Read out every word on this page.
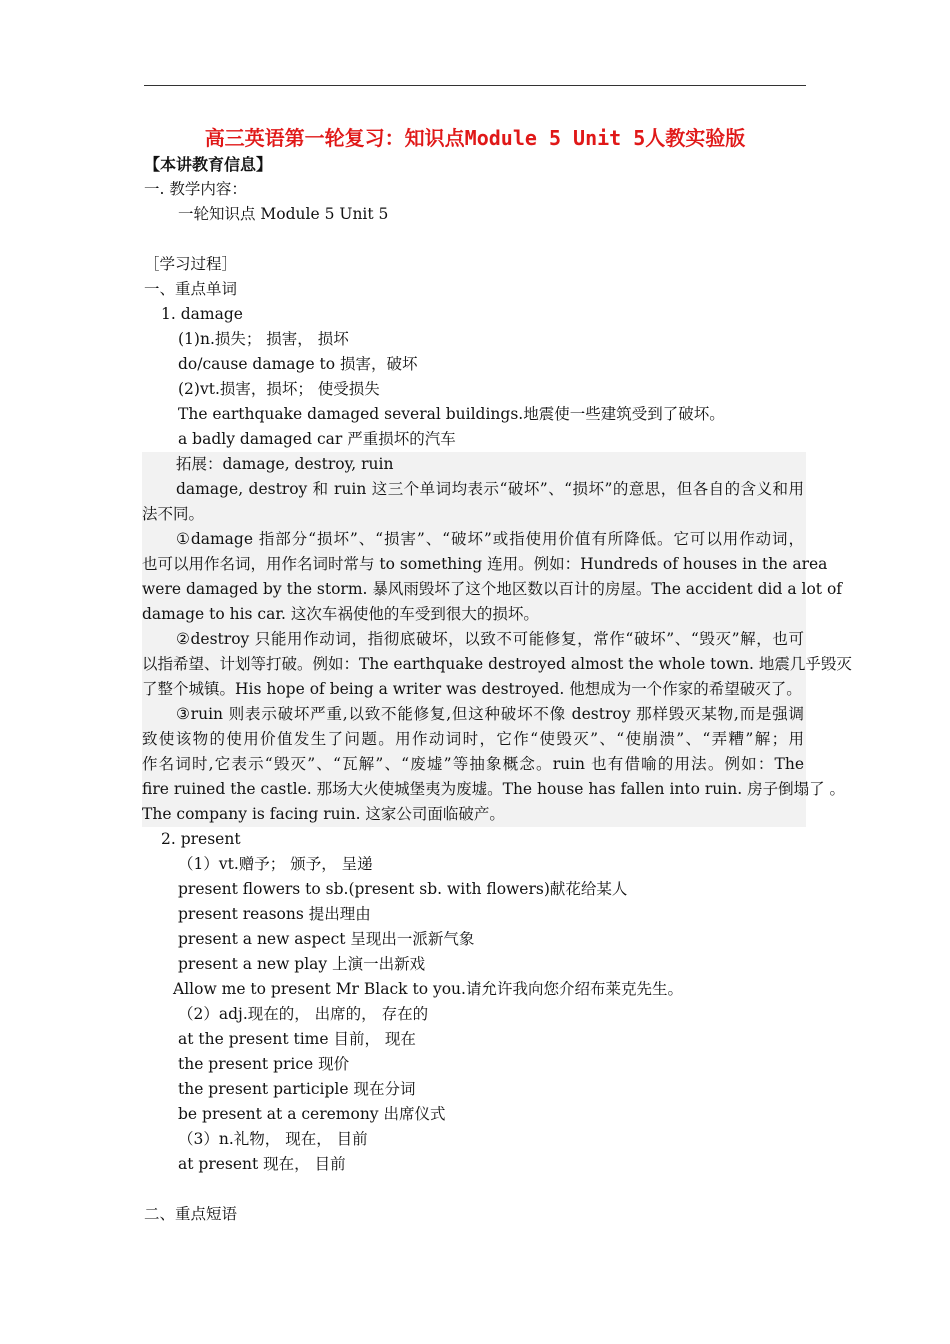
高三英语第一轮复习：知识点Module 5 Unit 5人教实验版
【本讲教育信息】
一. 教学内容：
一轮知识点 Module 5 Unit 5
［学习过程］
一、重点单词
1. damage
(1)n.损失； 损害， 损坏
do/cause damage to 损害，破坏
(2)vt.损害，损坏； 使受损失
The earthquake damaged several buildings.地震使一些建筑受到了破坏。
a badly damaged car 严重损坏的汽车
拓展：damage, destroy, ruin
damage, destroy 和 ruin 这三个单词均表示“破坏”、“损坏”的意思，但各自的含义和用
法不同。
①damage 指部分“损坏”、“损害”、“破坏”或指使用价值有所降低。它可以用作动词，
也可以用作名词，用作名词时常与 to something 连用。例如：Hundreds of houses in the area
were damaged by the storm. 暴风雨毁坏了这个地区数以百计的房屋。The accident did a lot of
damage to his car. 这次车祸使他的车受到很大的损坏。
②destroy 只能用作动词，指彻底破坏，以致不可能修复，常作“破坏”、“毁灭”解，也可
以指希望、计划等打破。例如：The earthquake destroyed almost the whole town. 地震几乎毁灭
了整个城镇。His hope of being a writer was destroyed. 他想成为一个作家的希望破灭了。
③ruin 则表示破坏严重,以致不能修复,但这种破坏不像 destroy 那样毁灭某物,而是强调
致使该物的使用价值发生了问题。用作动词时，它作“使毁灭”、“使崩溃”、“弄糟”解；用
作名词时,它表示“毁灭”、“瓦解”、“废墟”等抽象概念。ruin 也有借喻的用法。例如：The
fire ruined the castle. 那场大火使城堡夷为废墟。The house has fallen into ruin. 房子倒塌了 。
The company is facing ruin. 这家公司面临破产。
2. present
（1）vt.赠予； 颁予， 呈递
present flowers to sb.(present sb. with flowers)献花给某人
present reasons 提出理由
present a new aspect 呈现出一派新气象
present a new play 上演一出新戏
Allow me to present Mr Black to you.请允许我向您介绍布莱克先生。
（2）adj.现在的， 出席的， 存在的
at the present time 目前， 现在
the present price 现价
the present participle 现在分词
be present at a ceremony 出席仪式
（3）n.礼物， 现在， 目前
at present 现在， 目前
二、重点短语
